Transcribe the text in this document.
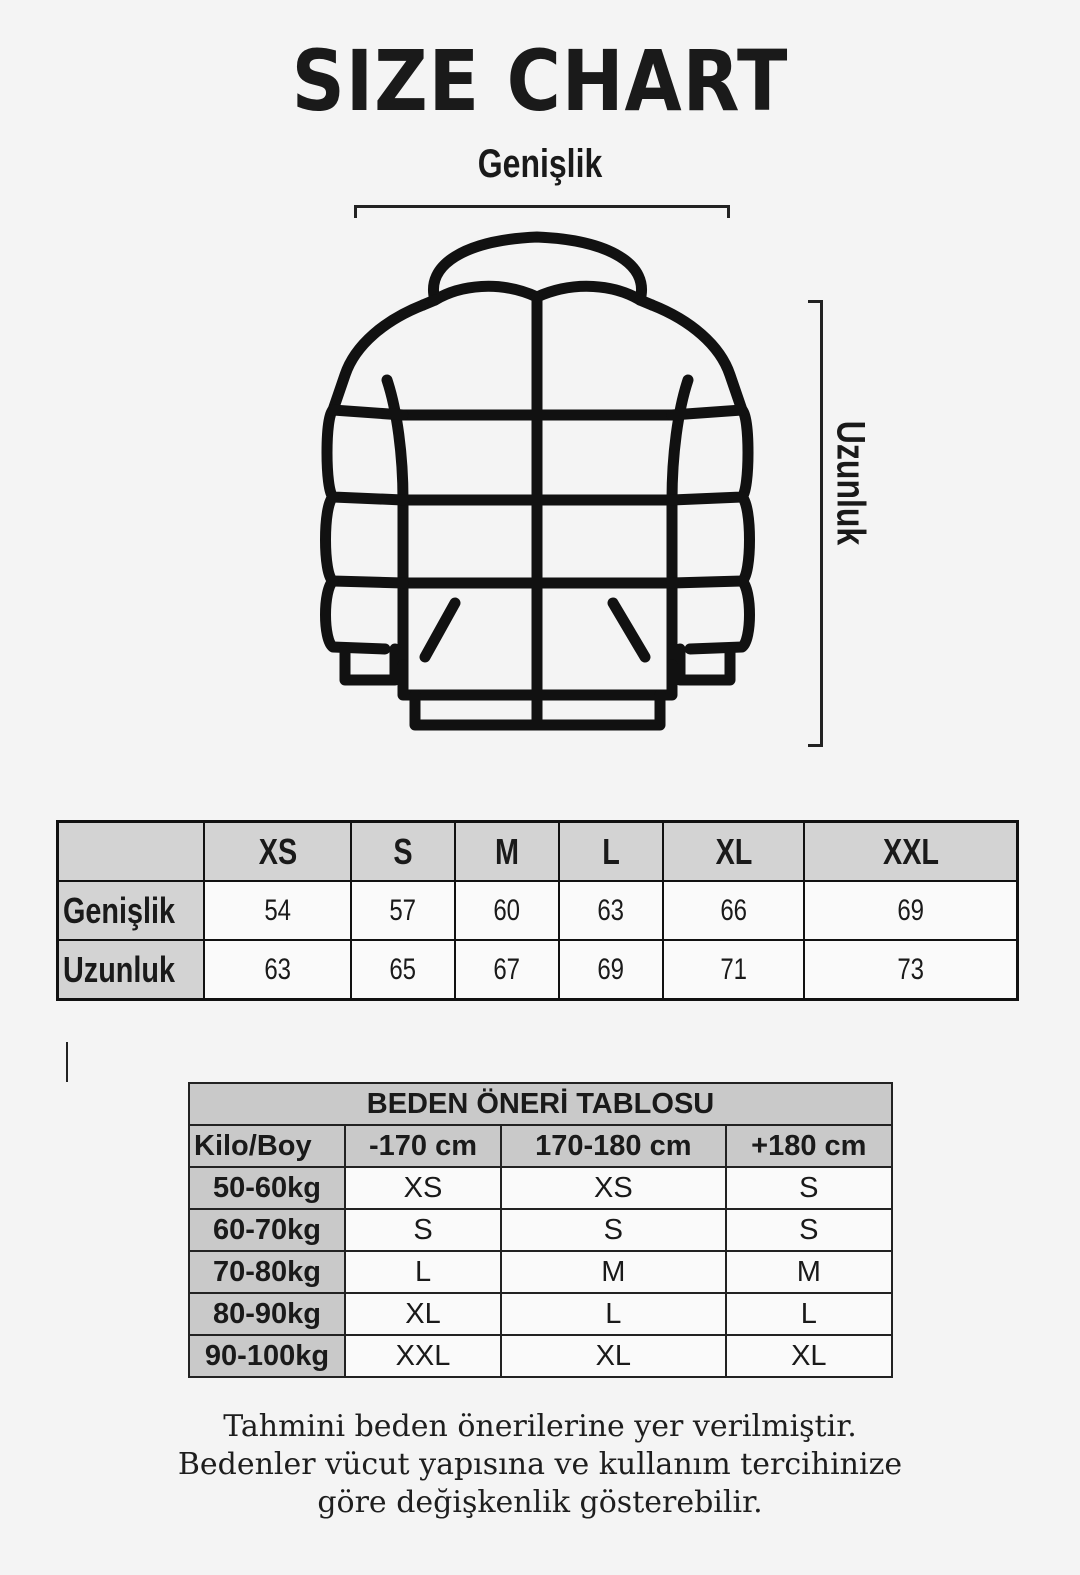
SIZE CHART
Genişlik
Uzunluk
	XS	S	M	L	XL	XXL
Genişlik	54	57	60	63	66	69
Uzunluk	63	65	67	69	71	73
BEDEN ÖNERİ TABLOSU			
Kilo/Boy	-170 cm	170-180 cm	+180 cm
50-60kg	XS	XS	S
60-70kg	S	S	S
70-80kg	L	M	M
80-90kg	XL	L	L
90-100kg	XXL	XL	XL
Tahmini beden önerilerine yer verilmiştir.
Bedenler vücut yapısına ve kullanım tercihinize
göre değişkenlik gösterebilir.
